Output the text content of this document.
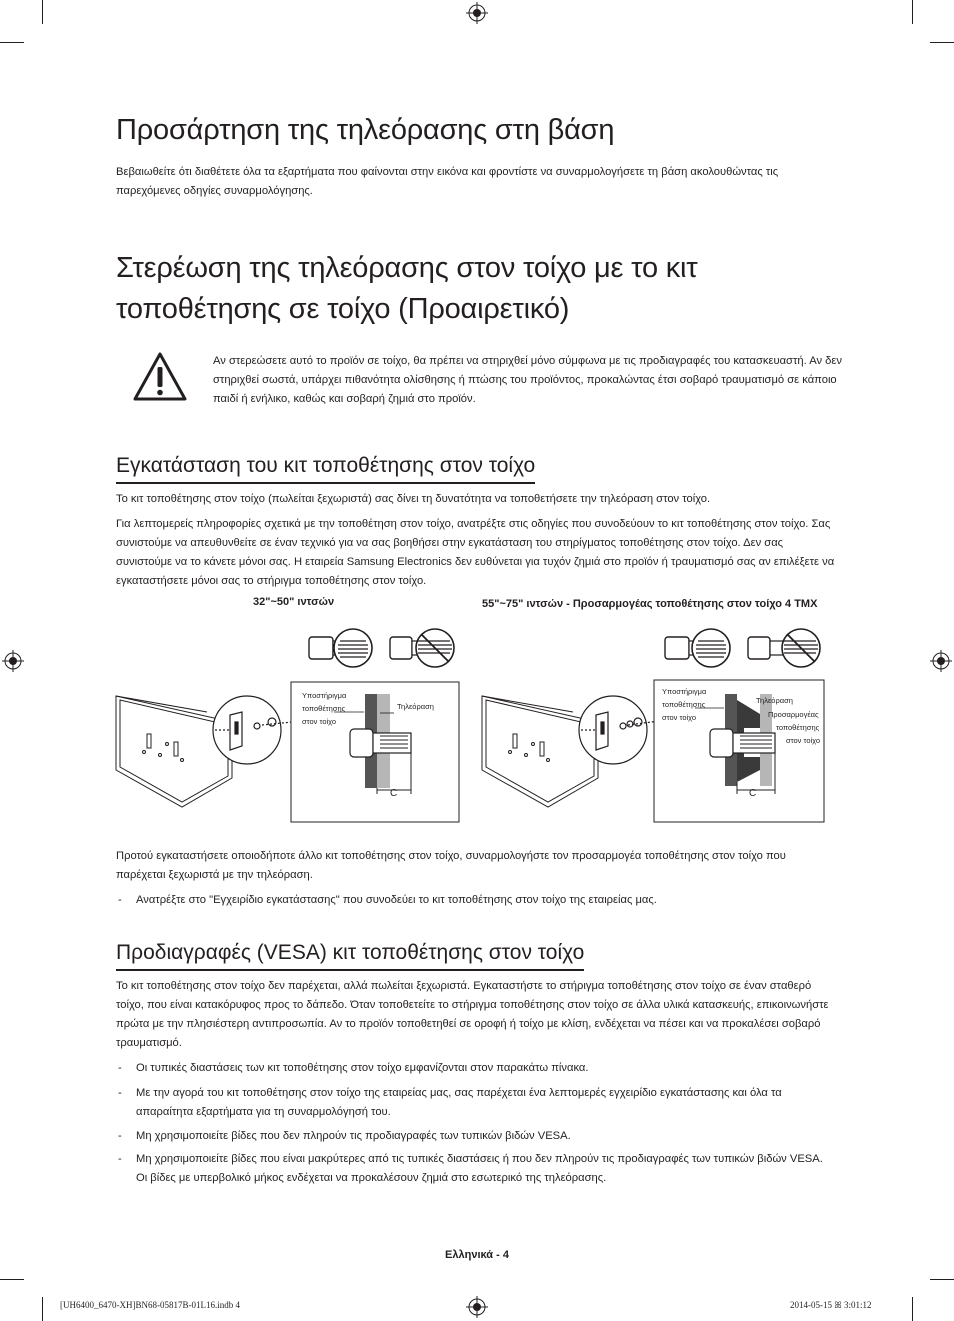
Προσάρτηση της τηλεόρασης στη βάση

Βεβαιωθείτε ότι διαθέτετε όλα τα εξαρτήματα που φαίνονται στην εικόνα και φροντίστε να συναρμολογήσετε τη βάση ακολουθώντας τις παρεχόμενες οδηγίες συναρμολόγησης.

Στερέωση της τηλεόρασης στον τοίχο με το κιτ
τοποθέτησης σε τοίχο (Προαιρετικό)

Αν στερεώσετε αυτό το προϊόν σε τοίχο, θα πρέπει να στηριχθεί μόνο σύμφωνα με τις προδιαγραφές του κατασκευαστή. Αν δεν στηριχθεί σωστά, υπάρχει πιθανότητα ολίσθησης ή πτώσης του προϊόντος, προκαλώντας έτσι σοβαρό τραυματισμό σε κάποιο παιδί ή ενήλικο, καθώς και σοβαρή ζημιά στο προϊόν.

Εγκατάσταση του κιτ τοποθέτησης στον τοίχο

Το κιτ τοποθέτησης στον τοίχο (πωλείται ξεχωριστά) σας δίνει τη δυνατότητα να τοποθετήσετε την τηλεόραση στον τοίχο.

Για λεπτομερείς πληροφορίες σχετικά με την τοποθέτηση στον τοίχο, ανατρέξτε στις οδηγίες που συνοδεύουν το κιτ τοποθέτησης στον τοίχο. Σας συνιστούμε να απευθυνθείτε σε έναν τεχνικό για να σας βοηθήσει στην εγκατάσταση του στηρίγματος τοποθέτησης στον τοίχο. Δεν σας συνιστούμε να το κάνετε μόνοι σας. Η εταιρεία Samsung Electronics δεν ευθύνεται για τυχόν ζημιά στο προϊόν ή τραυματισμό σας αν επιλέξετε να εγκαταστήσετε μόνοι σας το στήριγμα τοποθέτησης στον τοίχο.

32"~50" ιντσών	55"~75" ιντσών - Προσαρμογέας τοποθέτησης στον τοίχο 4 TMX
Υποστήριγμα
τοποθέτησης
στον τοίχο
Τηλεόραση
C
Υποστήριγμα
τοποθέτησης
στον τοίχο
Τηλεόραση
Προσαρμογέας
τοποθέτησης
στον τοίχο
C

Προτού εγκαταστήσετε οποιοδήποτε άλλο κιτ τοποθέτησης στον τοίχο, συναρμολογήστε τον προσαρμογέα τοποθέτησης στον τοίχο που παρέχεται ξεχωριστά με την τηλεόραση.

- Ανατρέξτε στο "Εγχειρίδιο εγκατάστασης" που συνοδεύει το κιτ τοποθέτησης στον τοίχο της εταιρείας μας.

Προδιαγραφές (VESA) κιτ τοποθέτησης στον τοίχο

Το κιτ τοποθέτησης στον τοίχο δεν παρέχεται, αλλά πωλείται ξεχωριστά. Εγκαταστήστε το στήριγμα τοποθέτησης στον τοίχο σε έναν σταθερό τοίχο, που είναι κατακόρυφος προς το δάπεδο. Όταν τοποθετείτε το στήριγμα τοποθέτησης στον τοίχο σε άλλα υλικά κατασκευής, επικοινωνήστε πρώτα με την πλησιέστερη αντιπροσωπία. Αν το προϊόν τοποθετηθεί σε οροφή ή τοίχο με κλίση, ενδέχεται να πέσει και να προκαλέσει σοβαρό τραυματισμό.

- Οι τυπικές διαστάσεις των κιτ τοποθέτησης στον τοίχο εμφανίζονται στον παρακάτω πίνακα.

- Με την αγορά του κιτ τοποθέτησης στον τοίχο της εταιρείας μας, σας παρέχεται ένα λεπτομερές εγχειρίδιο εγκατάστασης και όλα τα απαραίτητα εξαρτήματα για τη συναρμολόγησή του.

- Μη χρησιμοποιείτε βίδες που δεν πληρούν τις προδιαγραφές των τυπικών βιδών VESA.

- Μη χρησιμοποιείτε βίδες που είναι μακρύτερες από τις τυπικές διαστάσεις ή που δεν πληρούν τις προδιαγραφές των τυπικών βιδών VESA. Οι βίδες με υπερβολικό μήκος ενδέχεται να προκαλέσουν ζημιά στο εσωτερικό της τηλεόρασης.

Ελληνικά - 4
[UH6400_6470-XH]BN68-05817B-01L16.indb 4	2014-05-15 ꕤ 3:01:12
